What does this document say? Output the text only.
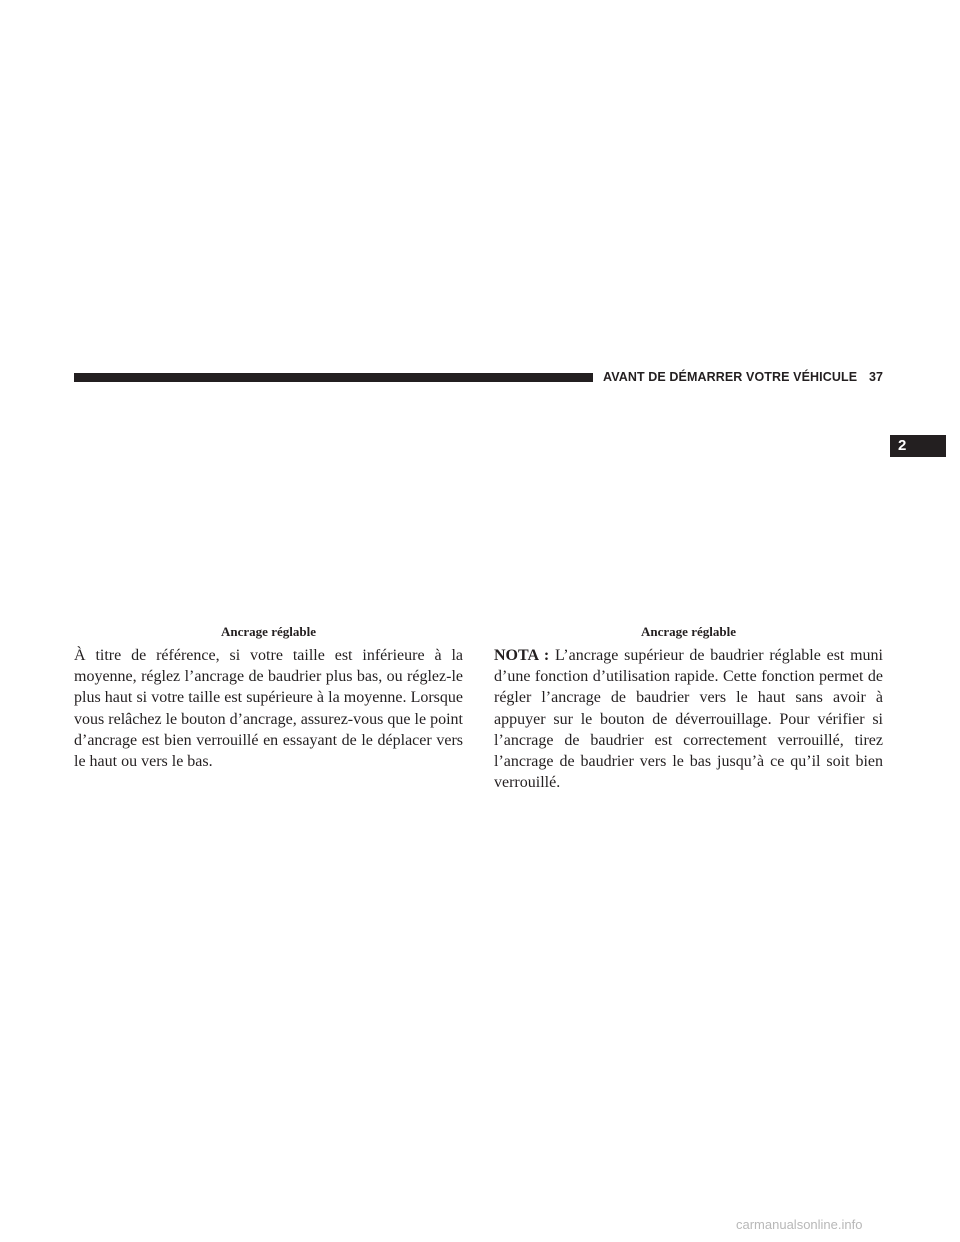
AVANT DE DÉMARRER VOTRE VÉHICULE 37
2
Ancrage réglable	Ancrage réglable
À titre de référence, si votre taille est inférieure à la moyenne, réglez l’ancrage de baudrier plus bas, ou réglez-le plus haut si votre taille est supérieure à la moyenne. Lorsque vous relâchez le bouton d’ancrage, assurez-vous que le point d’ancrage est bien verrouillé en essayant de le déplacer vers le haut ou vers le bas.
NOTA : L’ancrage supérieur de baudrier réglable est muni d’une fonction d’utilisation rapide. Cette fonction permet de régler l’ancrage de baudrier vers le haut sans avoir à appuyer sur le bouton de déverrouillage. Pour vérifier si l’ancrage de baudrier est correctement verrouillé, tirez l’ancrage de baudrier vers le bas jusqu’à ce qu’il soit bien verrouillé.
carmanualsonline.info
